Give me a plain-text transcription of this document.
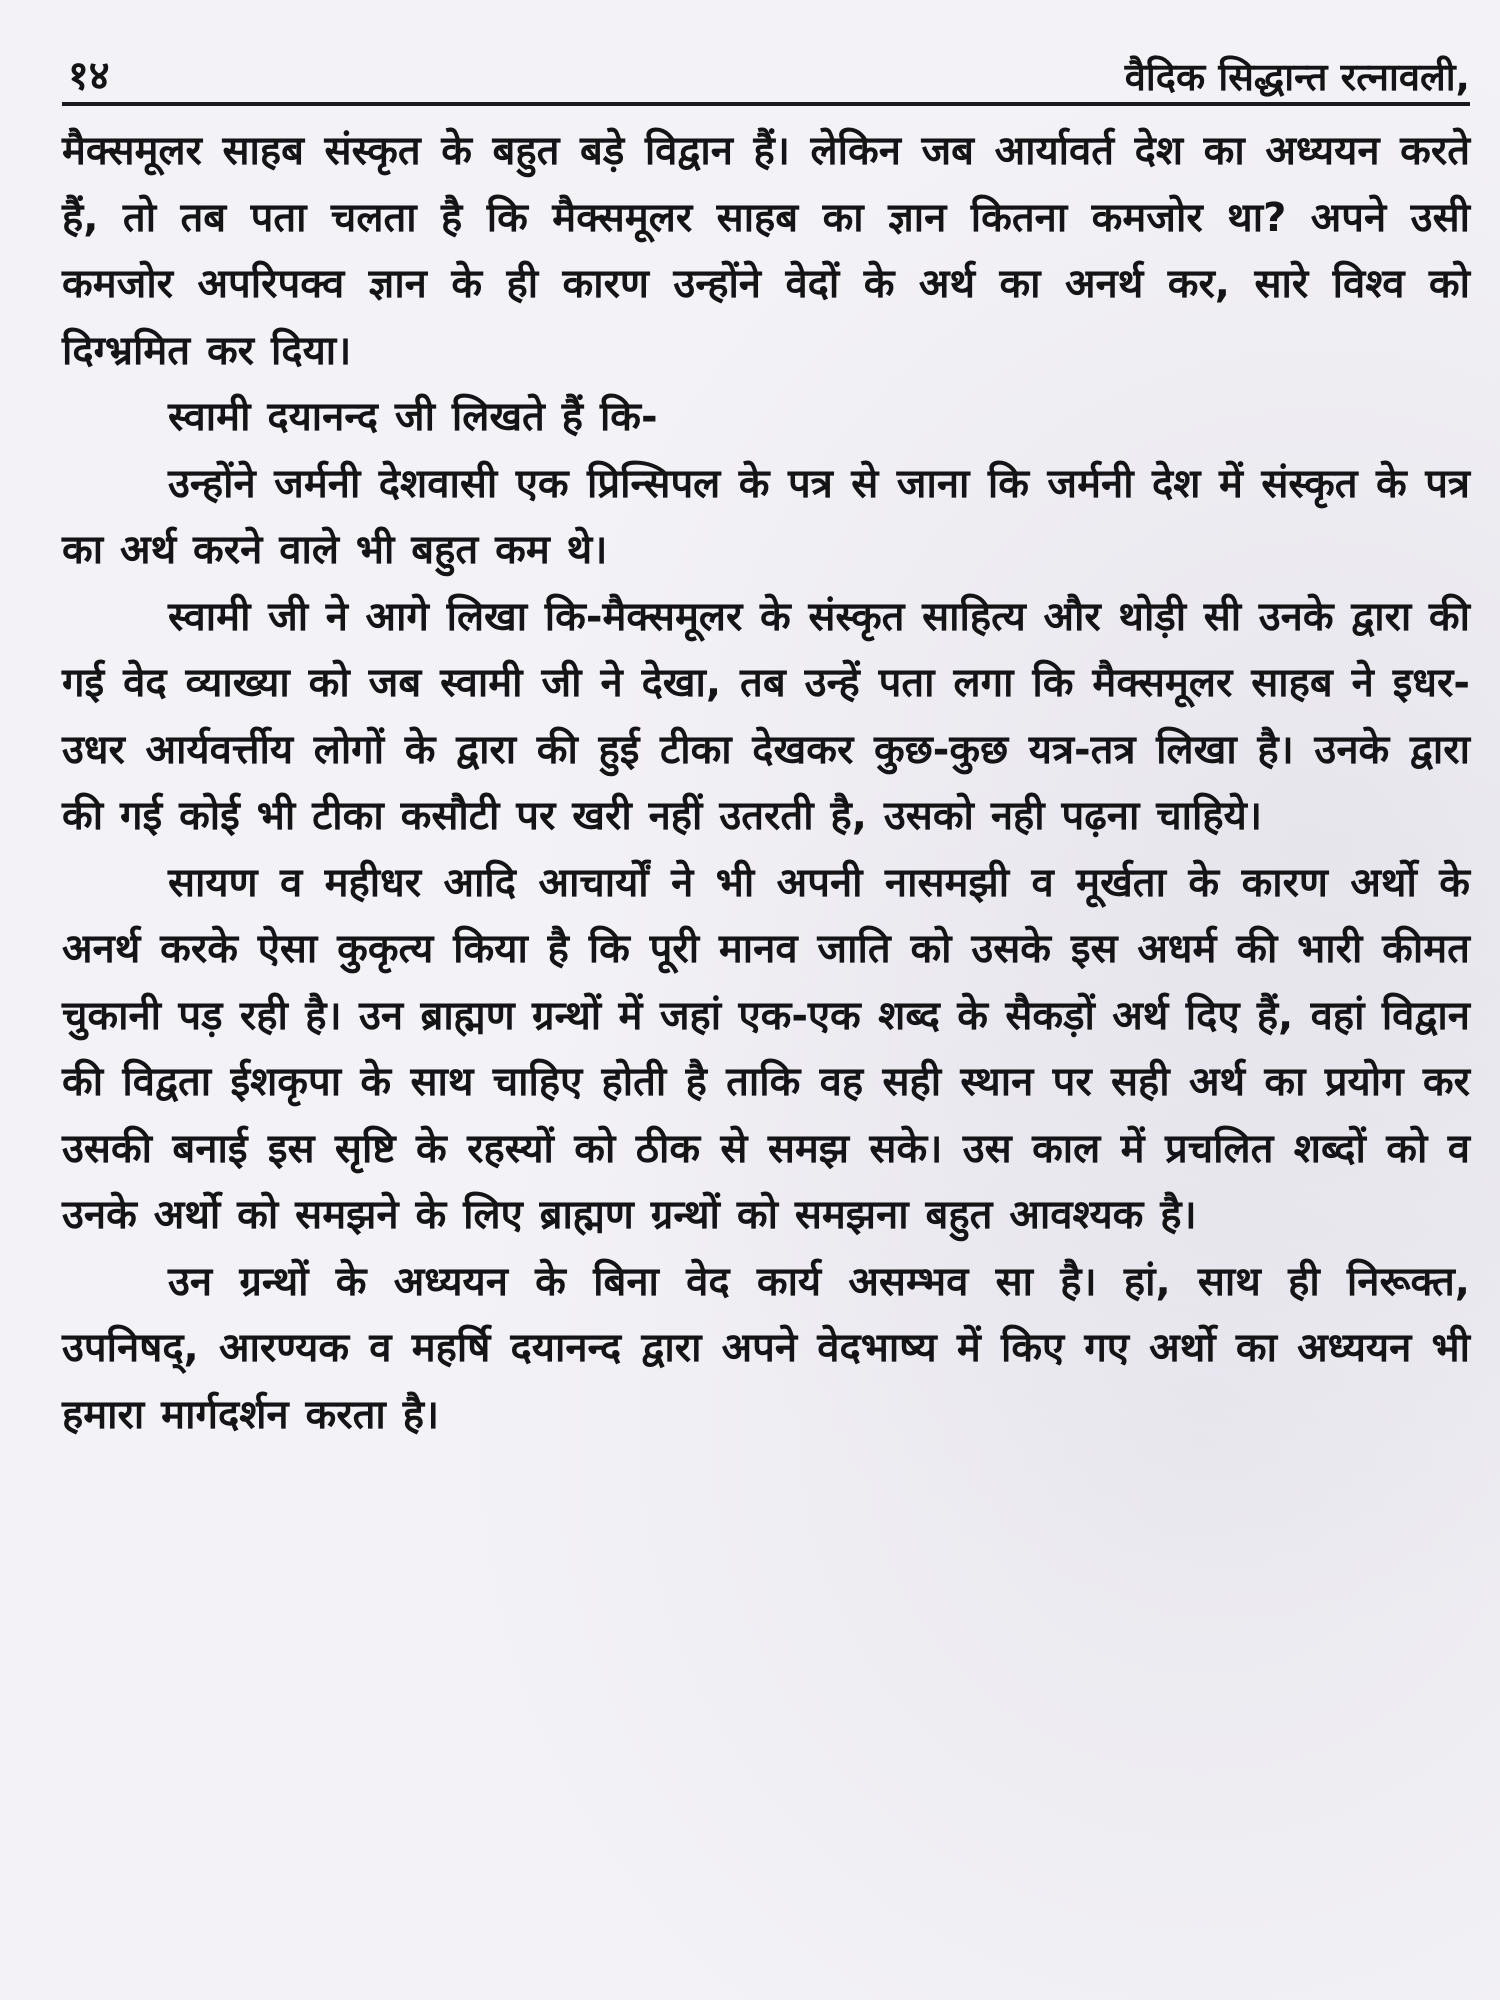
१४	वैदिक सिद्धान्त रत्नावली,

मैक्समूलर साहब संस्कृत के बहुत बड़े विद्वान हैं। लेकिन जब आर्यावर्त देश का अध्ययन करते हैं, तो तब पता चलता है कि मैक्समूलर साहब का ज्ञान कितना कमजोर था? अपने उसी कमजोर अपरिपक्व ज्ञान के ही कारण उन्होंने वेदों के अर्थ का अनर्थ कर, सारे विश्व को दिग्भ्रमित कर दिया।

स्वामी दयानन्द जी लिखते हैं कि-

उन्होंने जर्मनी देशवासी एक प्रिन्सिपल के पत्र से जाना कि जर्मनी देश में संस्कृत के पत्र का अर्थ करने वाले भी बहुत कम थे।

स्वामी जी ने आगे लिखा कि-मैक्समूलर के संस्कृत साहित्य और थोड़ी सी उनके द्वारा की गई वेद व्याख्या को जब स्वामी जी ने देखा, तब उन्हें पता लगा कि मैक्समूलर साहब ने इधर-उधर आर्यवर्त्तीय लोगों के द्वारा की हुई टीका देखकर कुछ-कुछ यत्र-तत्र लिखा है। उनके द्वारा की गई कोई भी टीका कसौटी पर खरी नहीं उतरती है, उसको नही पढ़ना चाहिये।

सायण व महीधर आदि आचार्यों ने भी अपनी नासमझी व मूर्खता के कारण अर्थो के अनर्थ करके ऐसा कुकृत्य किया है कि पूरी मानव जाति को उसके इस अधर्म की भारी कीमत चुकानी पड़ रही है। उन ब्राह्मण ग्रन्थों में जहां एक-एक शब्द के सैकड़ों अर्थ दिए हैं, वहां विद्वान की विद्वता ईशकृपा के साथ चाहिए होती है ताकि वह सही स्थान पर सही अर्थ का प्रयोग कर उसकी बनाई इस सृष्टि के रहस्यों को ठीक से समझ सके। उस काल में प्रचलित शब्दों को व उनके अर्थो को समझने के लिए ब्राह्मण ग्रन्थों को समझना बहुत आवश्यक है।

उन ग्रन्थों के अध्ययन के बिना वेद कार्य असम्भव सा है। हां, साथ ही निरूक्त, उपनिषद्, आरण्यक व महर्षि दयानन्द द्वारा अपने वेदभाष्य में किए गए अर्थो का अध्ययन भी हमारा मार्गदर्शन करता है।
